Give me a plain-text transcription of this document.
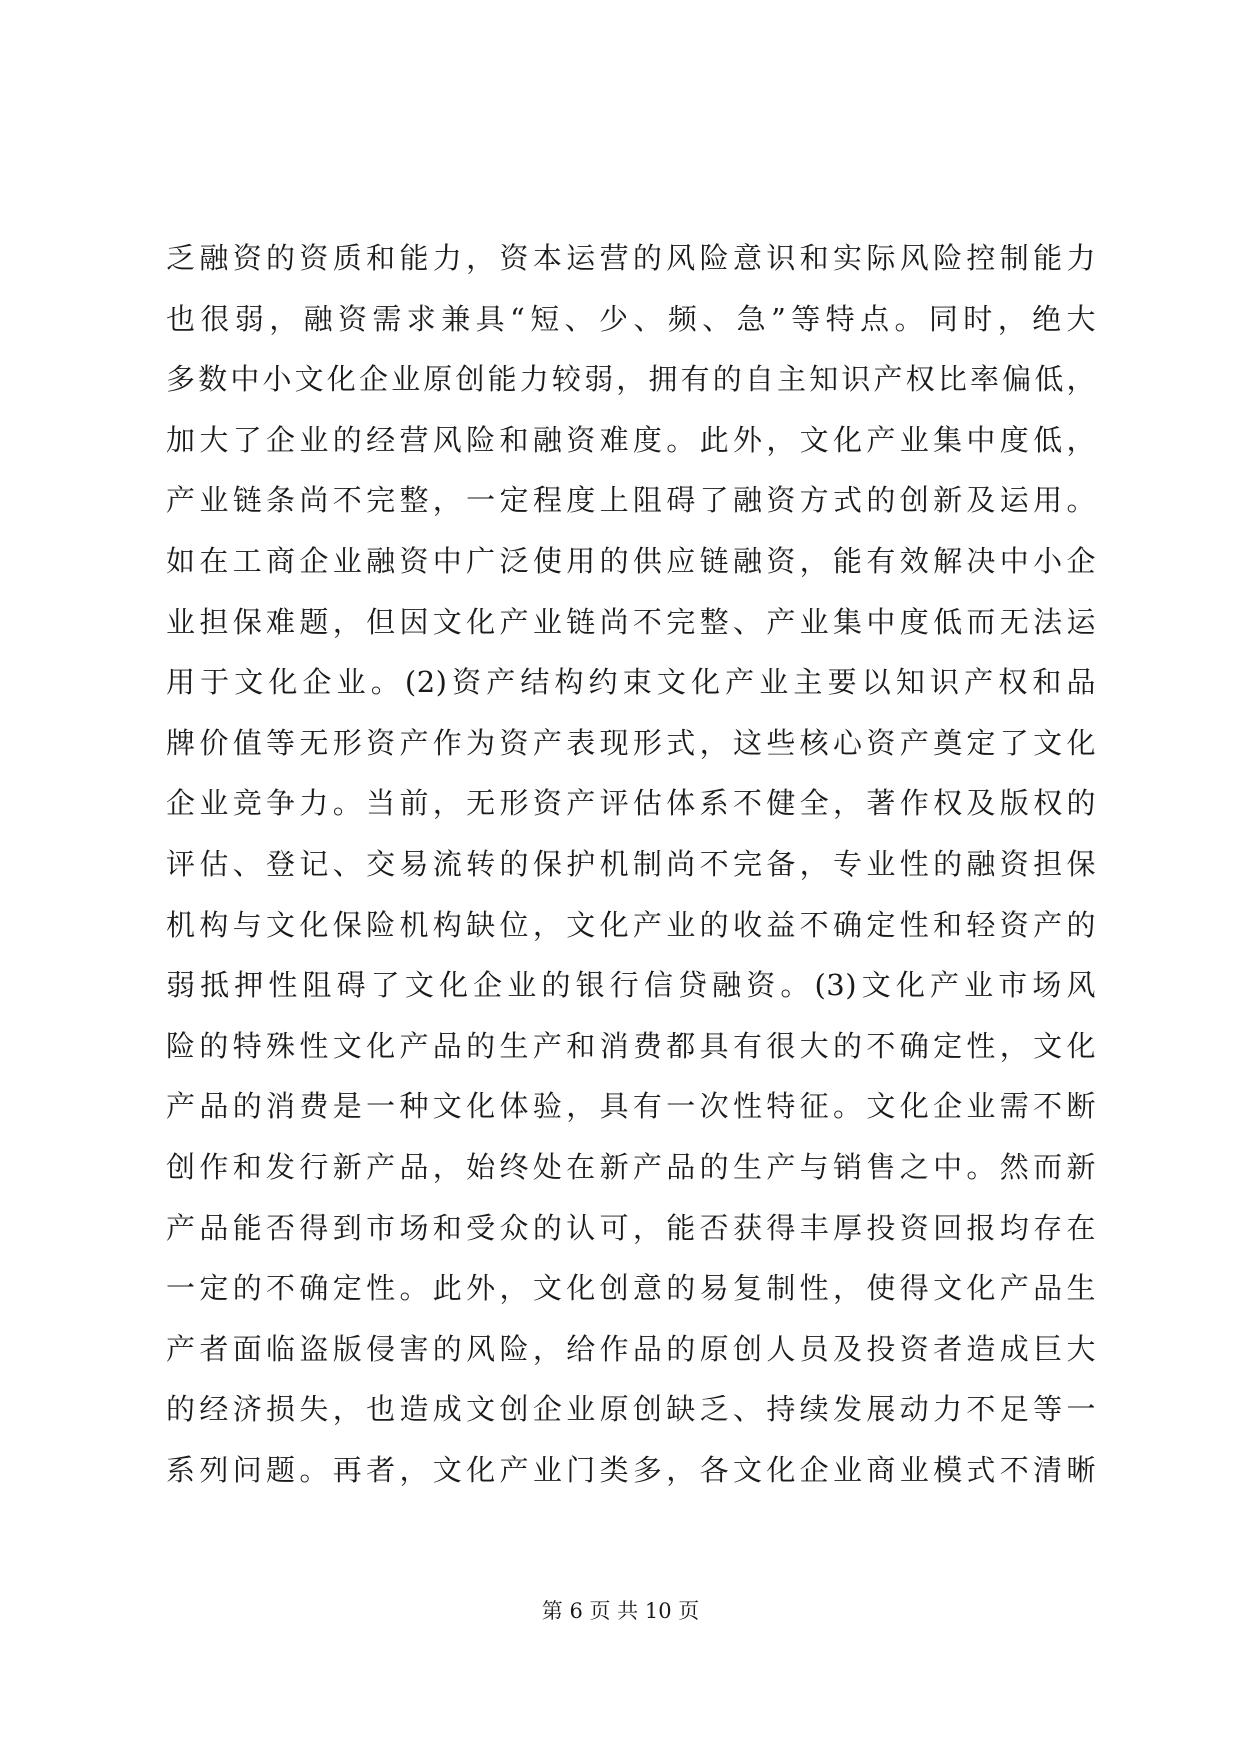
乏融资的资质和能力，资本运营的风险意识和实际风险控制能力
也很弱，融资需求兼具“短、少、频、急”等特点。同时，绝大
多数中小文化企业原创能力较弱，拥有的自主知识产权比率偏低，
加大了企业的经营风险和融资难度。此外，文化产业集中度低，
产业链条尚不完整，一定程度上阻碍了融资方式的创新及运用。
如在工商企业融资中广泛使用的供应链融资，能有效解决中小企
业担保难题，但因文化产业链尚不完整、产业集中度低而无法运
用于文化企业。(2)资产结构约束文化产业主要以知识产权和品
牌价值等无形资产作为资产表现形式，这些核心资产奠定了文化
企业竞争力。当前，无形资产评估体系不健全，著作权及版权的
评估、登记、交易流转的保护机制尚不完备，专业性的融资担保
机构与文化保险机构缺位，文化产业的收益不确定性和轻资产的
弱抵押性阻碍了文化企业的银行信贷融资。(3)文化产业市场风
险的特殊性文化产品的生产和消费都具有很大的不确定性，文化
产品的消费是一种文化体验，具有一次性特征。文化企业需不断
创作和发行新产品，始终处在新产品的生产与销售之中。然而新
产品能否得到市场和受众的认可，能否获得丰厚投资回报均存在
一定的不确定性。此外，文化创意的易复制性，使得文化产品生
产者面临盗版侵害的风险，给作品的原创人员及投资者造成巨大
的经济损失，也造成文创企业原创缺乏、持续发展动力不足等一
系列问题。再者，文化产业门类多，各文化企业商业模式不清晰
第 6 页 共 10 页
